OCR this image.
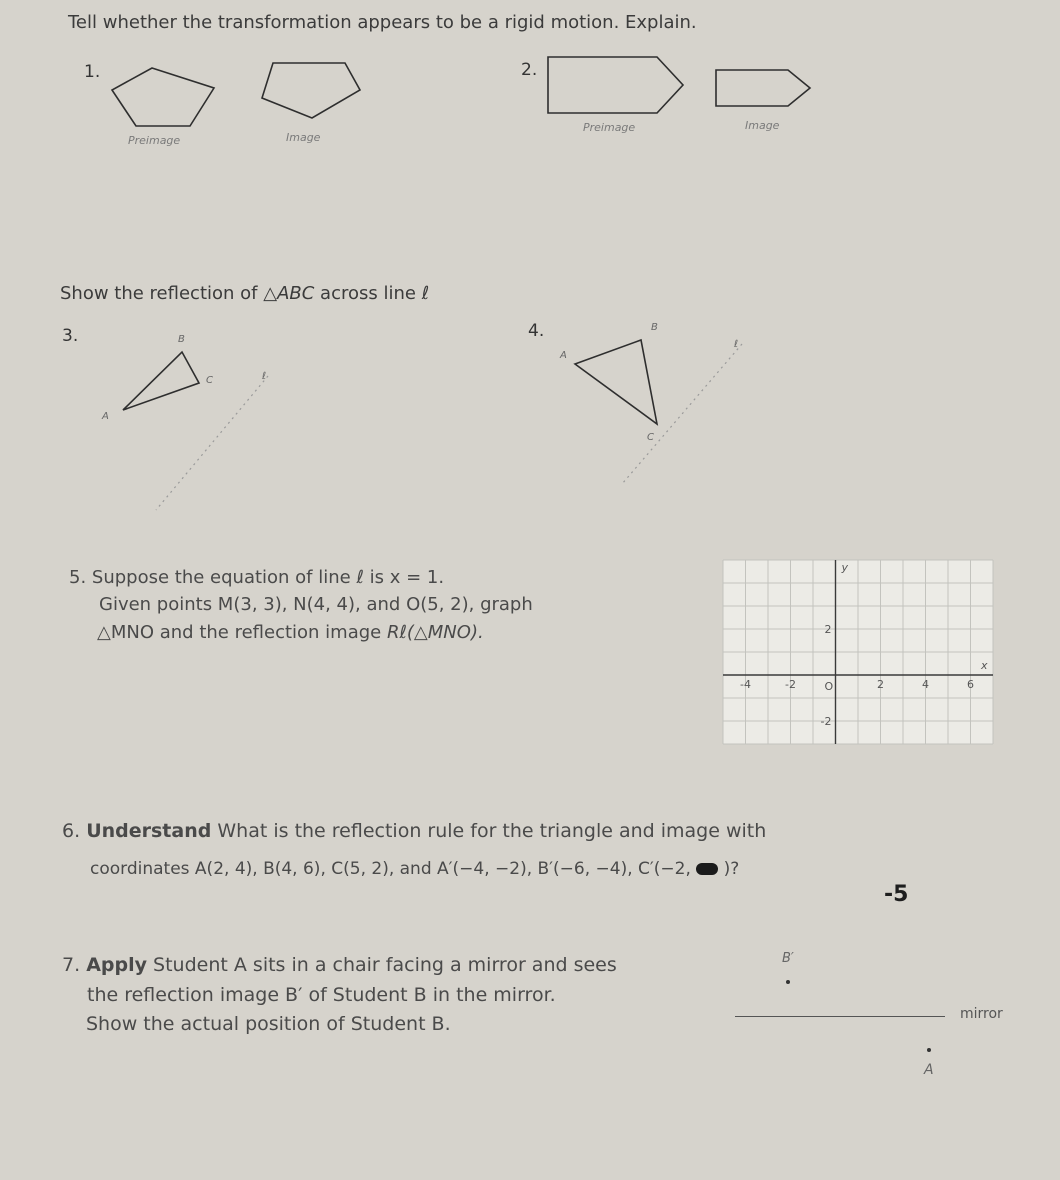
Tell whether the transformation appears to be a rigid motion. Explain.
1.
Preimage	Image
2.
Preimage	Image
Show the reflection of △ABC across line ℓ
3.	B
C
A
ℓ
4.	B
A
C
ℓ
5. Suppose the equation of line ℓ is x = 1.
Given points M(3, 3), N(4, 4), and O(5, 2), graph
△MNO and the reflection image Rℓ(△MNO).
-4	-2	2	4	6
2
-2
x
y
O
6. Understand What is the reflection rule for the triangle and image with
coordinates A(2, 4), B(4, 6), C(5, 2), and A′(−4, −2), B′(−6, −4), C′(−2, )?
-5
7. Apply Student A sits in a chair facing a mirror and sees
the reflection image B′ of Student B in the mirror.
Show the actual position of Student B.
B′
mirror
A
